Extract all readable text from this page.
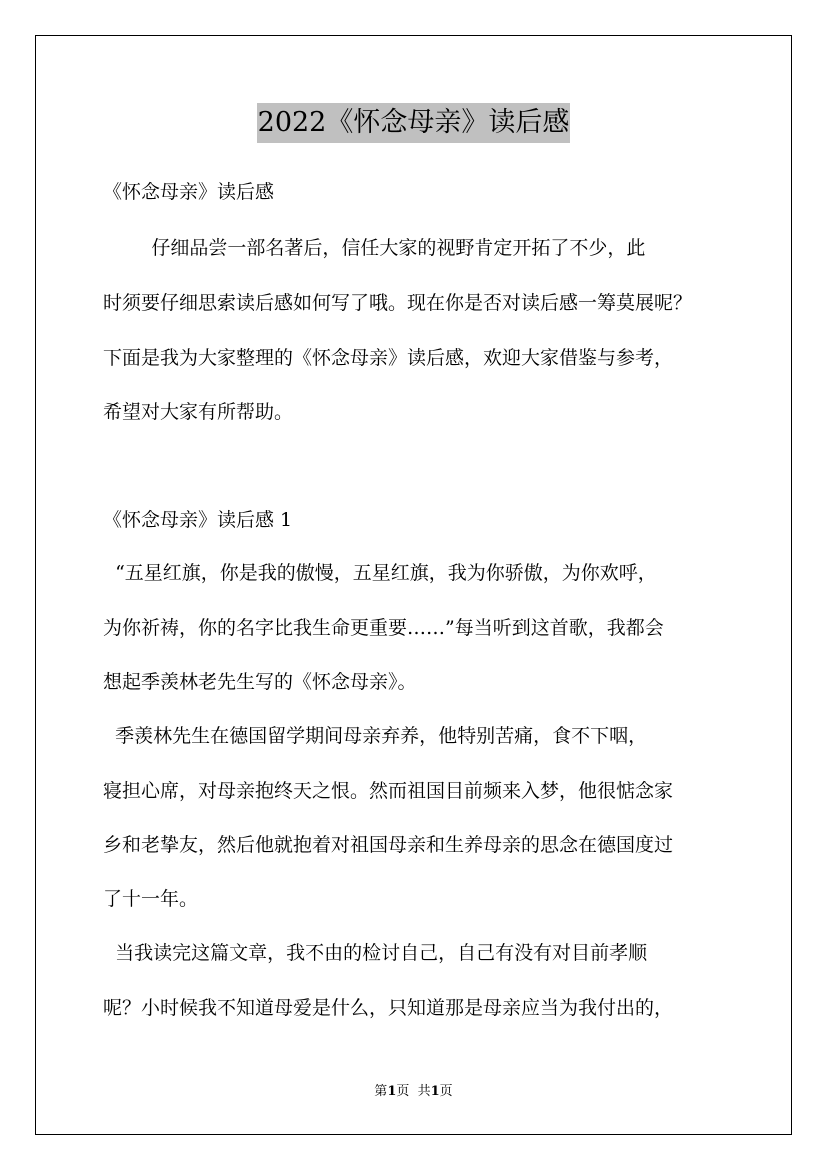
2022《怀念母亲》读后感
《怀念母亲》读后感
仔细品尝一部名著后，信任大家的视野肯定开拓了不少，此
时须要仔细思索读后感如何写了哦。现在你是否对读后感一筹莫展呢？
下面是我为大家整理的《怀念母亲》读后感，欢迎大家借鉴与参考，
希望对大家有所帮助。
《怀念母亲》读后感 1
“五星红旗，你是我的傲慢，五星红旗，我为你骄傲，为你欢呼，
为你祈祷，你的名字比我生命更重要……”每当听到这首歌，我都会
想起季羡林老先生写的《怀念母亲》。
季羡林先生在德国留学期间母亲弃养，他特别苦痛，食不下咽，
寝担心席，对母亲抱终天之恨。然而祖国目前频来入梦，他很惦念家
乡和老挚友，然后他就抱着对祖国母亲和生养母亲的思念在德国度过
了十一年。
当我读完这篇文章，我不由的检讨自己，自己有没有对目前孝顺
呢？小时候我不知道母爱是什么，只知道那是母亲应当为我付出的，
第1页  共1页
